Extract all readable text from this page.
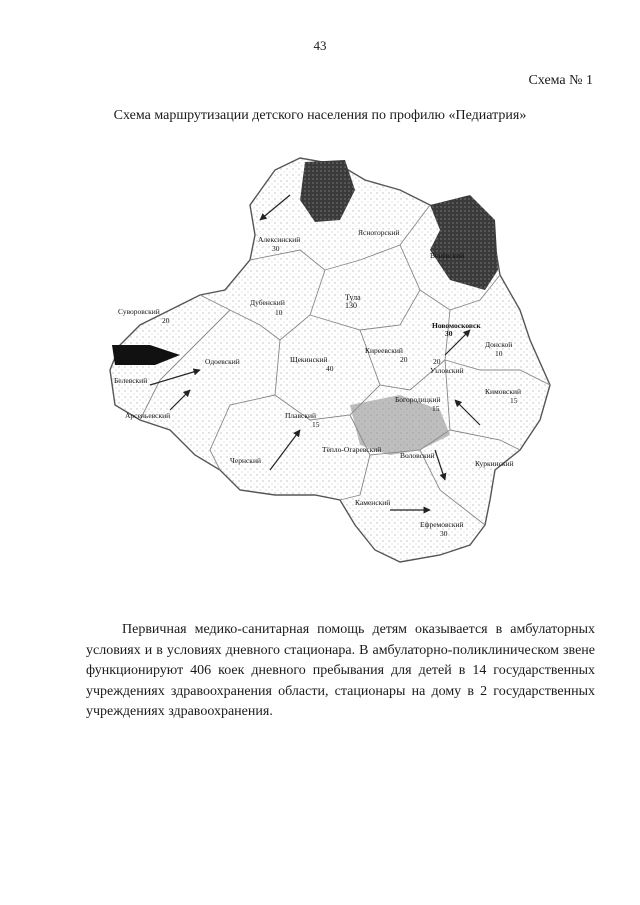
43
Схема № 1
Схема маршрутизации детского населения по профилю «Педиатрия»
Алексинский
30
Ясногорский
Венёвский
Суворовский
20
Дубенский
10
Тула
130
Новомосковск
30
Белевский
Одоевский	Щекинский
40
Киреевский
20
Донской
10
20
Узловский
Кимовский
15
Арсеньевский	Плавский
15
Богородицкий
15
Чернский
Тёплo-Огаревский
Воловский
Куркинский
Каменский
Ефремовский
30

Первичная медико-санитарная помощь детям оказывается в амбулаторных условиях и в условиях дневного стационара. В амбулаторно-поликлиническом звене функционируют 406 коек дневного пребывания для детей в 14 государственных учреждениях здравоохранения области, стационары на дому в 2 государственных учреждениях здравоохранения.
